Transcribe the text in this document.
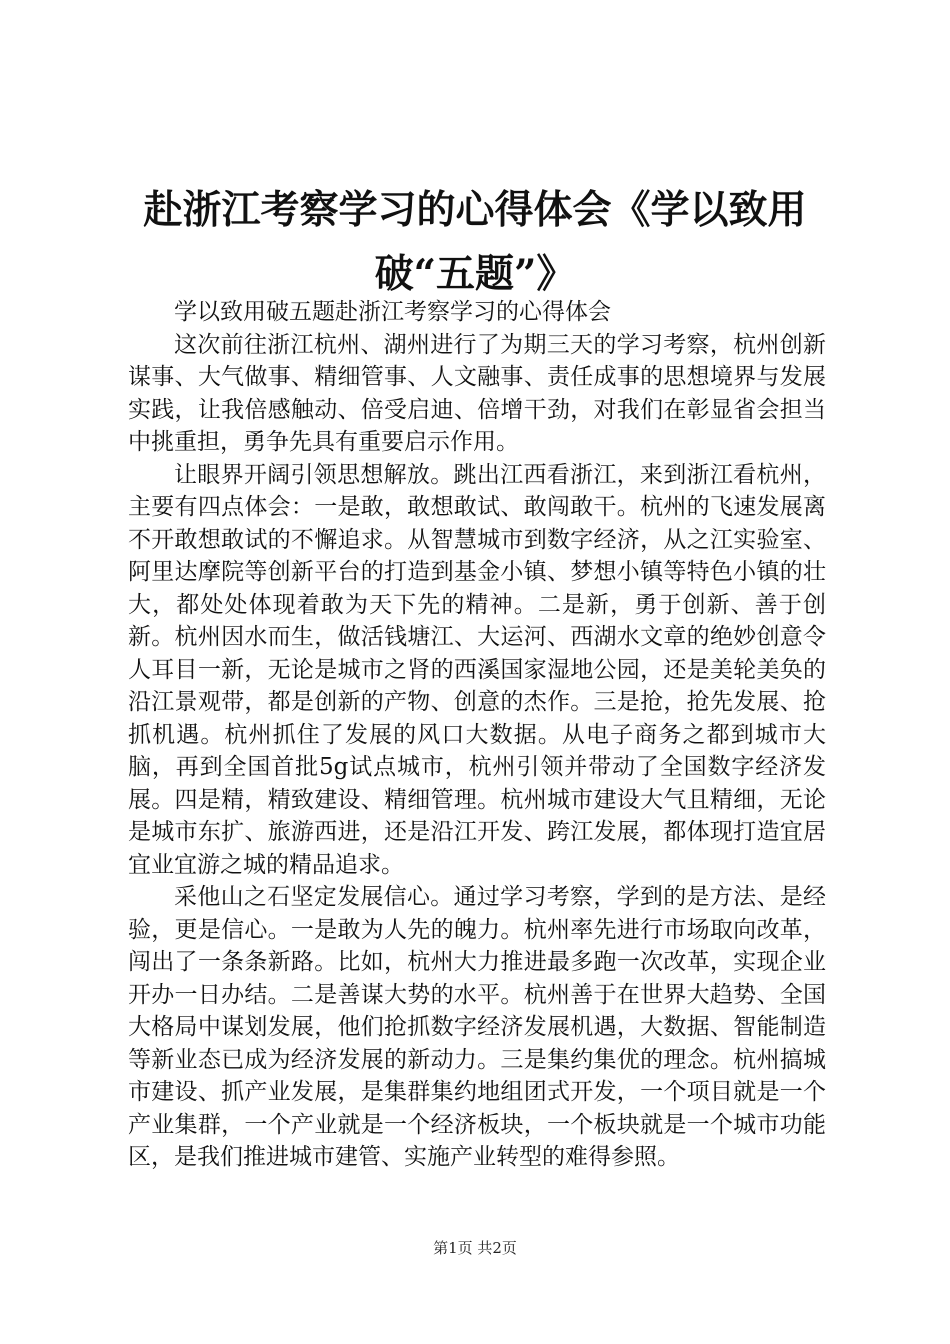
赴浙江考察学习的心得体会《学以致用破“五题”》

学以致用破五题赴浙江考察学习的心得体会

这次前往浙江杭州、湖州进行了为期三天的学习考察，杭州创新谋事、大气做事、精细管事、人文融事、责任成事的思想境界与发展实践，让我倍感触动、倍受启迪、倍增干劲，对我们在彰显省会担当中挑重担，勇争先具有重要启示作用。

让眼界开阔引领思想解放。跳出江西看浙江，来到浙江看杭州，主要有四点体会：一是敢，敢想敢试、敢闯敢干。杭州的飞速发展离不开敢想敢试的不懈追求。从智慧城市到数字经济，从之江实验室、阿里达摩院等创新平台的打造到基金小镇、梦想小镇等特色小镇的壮大，都处处体现着敢为天下先的精神。二是新，勇于创新、善于创新。杭州因水而生，做活钱塘江、大运河、西湖水文章的绝妙创意令人耳目一新，无论是城市之肾的西溪国家湿地公园，还是美轮美奂的沿江景观带，都是创新的产物、创意的杰作。三是抢，抢先发展、抢抓机遇。杭州抓住了发展的风口大数据。从电子商务之都到城市大脑，再到全国首批5g试点城市，杭州引领并带动了全国数字经济发展。四是精，精致建设、精细管理。杭州城市建设大气且精细，无论是城市东扩、旅游西进，还是沿江开发、跨江发展，都体现打造宜居宜业宜游之城的精品追求。

采他山之石坚定发展信心。通过学习考察，学到的是方法、是经验，更是信心。一是敢为人先的魄力。杭州率先进行市场取向改革，闯出了一条条新路。比如，杭州大力推进最多跑一次改革，实现企业开办一日办结。二是善谋大势的水平。杭州善于在世界大趋势、全国大格局中谋划发展，他们抢抓数字经济发展机遇，大数据、智能制造等新业态已成为经济发展的新动力。三是集约集优的理念。杭州搞城市建设、抓产业发展，是集群集约地组团式开发，一个项目就是一个产业集群，一个产业就是一个经济板块，一个板块就是一个城市功能区，是我们推进城市建管、实施产业转型的难得参照。

第1页 共2页
